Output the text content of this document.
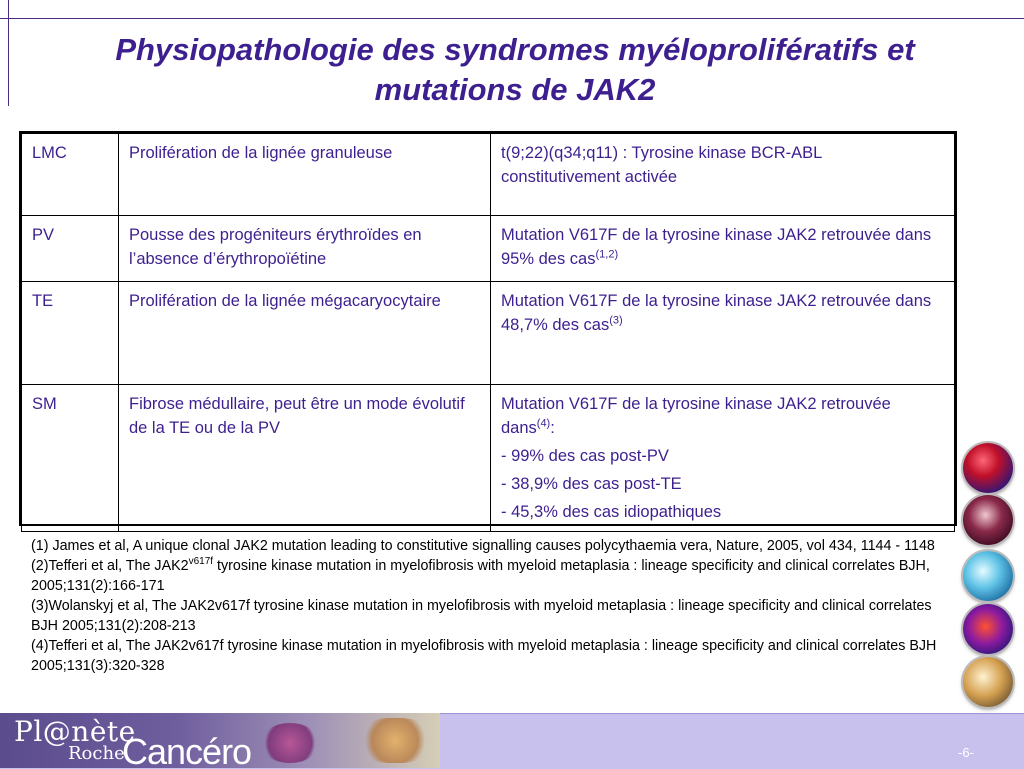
Physiopathologie des syndromes myéloprolifératifs et mutations de JAK2
LMC	Prolifération de la lignée granuleuse	t(9;22)(q34;q11) : Tyrosine kinase BCR-ABL constitutivement activée
PV	Pousse des progéniteurs érythroïdes en l’absence d’érythropoïétine	Mutation V617F de la tyrosine kinase JAK2 retrouvée dans 95% des cas$^{(1,2)}$
TE	Prolifération de la lignée mégacaryocytaire	Mutation V617F de la tyrosine kinase JAK2 retrouvée dans 48,7% des cas$^{(3)}$
SM	Fibrose médullaire, peut être un mode évolutif de la TE ou de la PV	Mutation V617F de la tyrosine kinase JAK2 retrouvée dans$^{(4)}$:
- 99% des cas post-PV
- 38,9% des cas post-TE
- 45,3% des cas idiopathiques
(1) James et al, A unique clonal JAK2 mutation leading to constitutive signalling causes polycythaemia vera, Nature, 2005, vol 434, 1144 - 1148
(2)Tefferi et al, The $JAK2^{v617f}$ tyrosine kinase mutation in myelofibrosis with myeloid metaplasia : lineage specificity and clinical correlates BJH, 2005;131(2):166-171
(3)Wolanskyj et al, The JAK2v617f tyrosine kinase mutation in myelofibrosis with myeloid metaplasia : lineage specificity and clinical correlates BJH 2005;131(2):208-213
(4)Tefferi et al, The JAK2v617f tyrosine kinase mutation in myelofibrosis with myeloid metaplasia : lineage specificity and clinical correlates BJH 2005;131(3):320-328
Pl@nète
Roche
Cancéro	-6-
